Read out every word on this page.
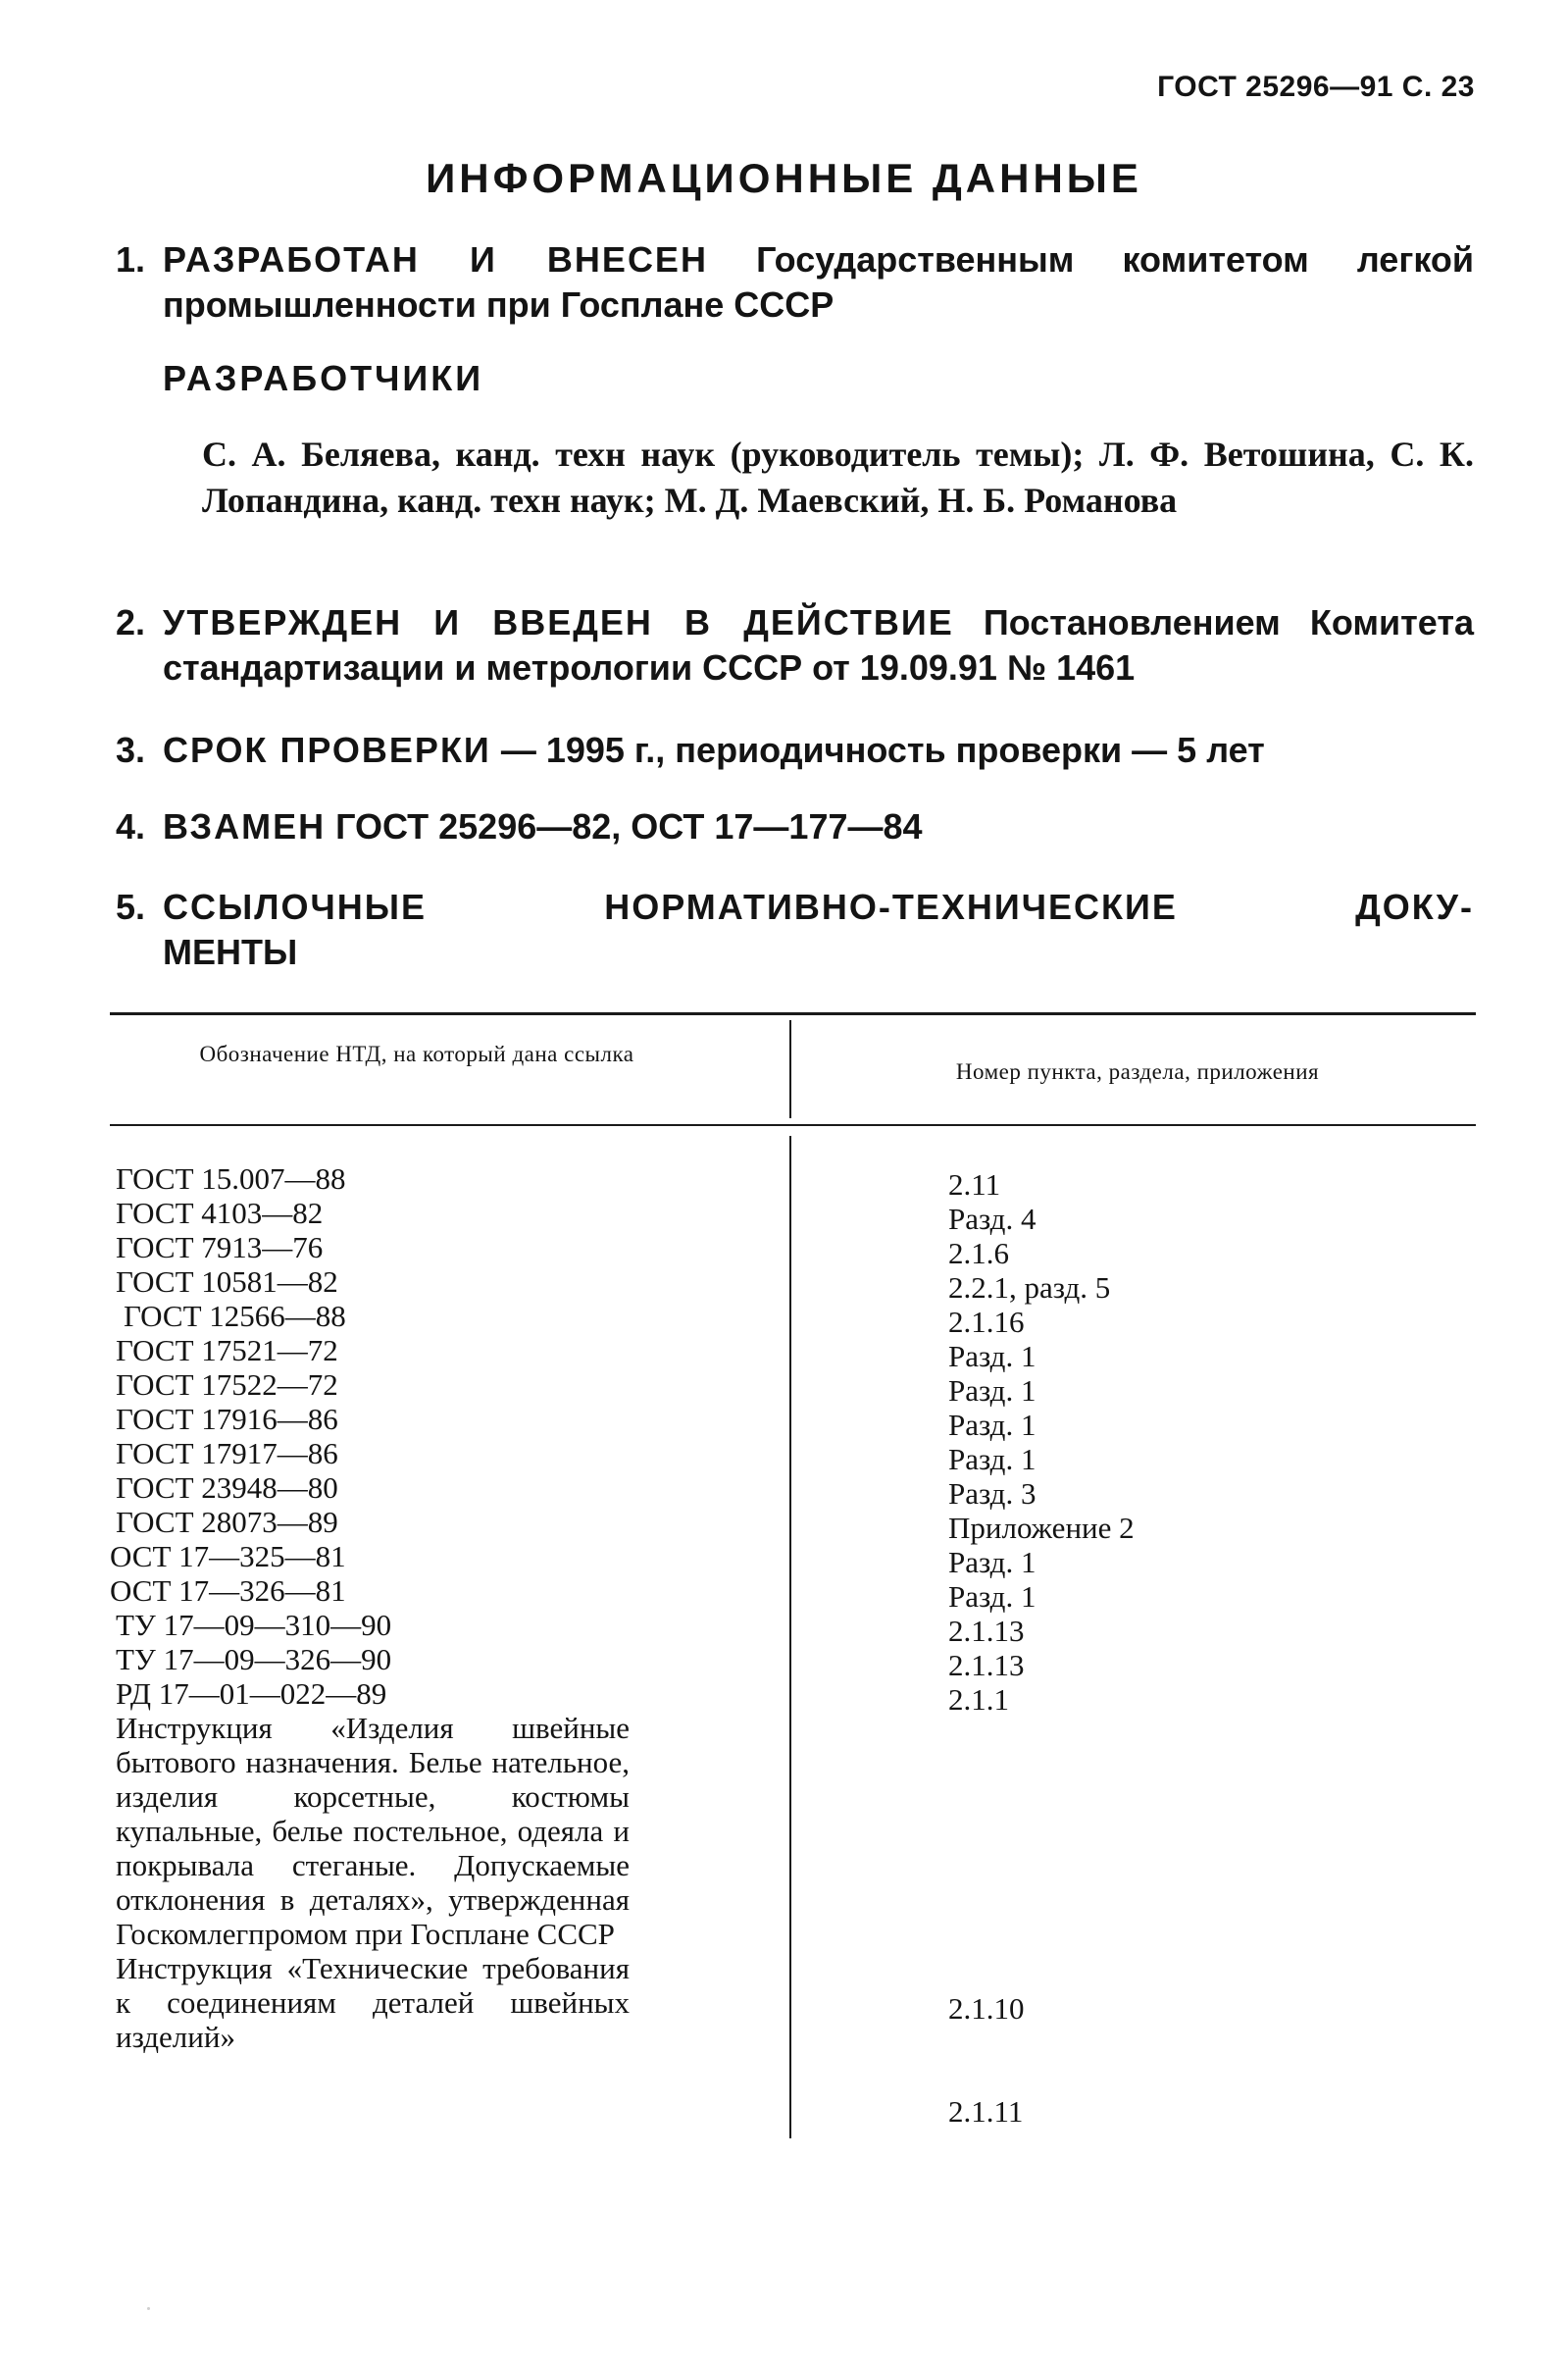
ГОСТ 25296—91 С. 23
ИНФОРМАЦИОННЫЕ ДАННЫЕ
1. РАЗРАБОТАН И ВНЕСЕН Государственным комитетом легкой промышленности при Госплане СССР
РАЗРАБОТЧИКИ
С. А. Беляева, канд. техн наук (руководитель темы); Л. Ф. Ветошина, С. К. Лопандина, канд. техн наук; М. Д. Маевский, Н. Б. Романова
2. УТВЕРЖДЕН И ВВЕДЕН В ДЕЙСТВИЕ Постановлением Комитета стандартизации и метрологии СССР от 19.09.91 № 1461
3. СРОК ПРОВЕРКИ — 1995 г., периодичность проверки — 5 лет
4. ВЗАМЕН ГОСТ 25296—82, ОСТ 17—177—84
5. ССЫЛОЧНЫЕ НОРМАТИВНО-ТЕХНИЧЕСКИЕ ДОКУ-
МЕНТЫ
Обозначение НТД, на который дана ссылка
Номер пункта, раздела, приложения
ГОСТ 15.007—88
ГОСТ 4103—82
ГОСТ 7913—76
ГОСТ 10581—82
ГОСТ 12566—88
ГОСТ 17521—72
ГОСТ 17522—72
ГОСТ 17916—86
ГОСТ 17917—86
ГОСТ 23948—80
ГОСТ 28073—89
ОСТ 17—325—81
ОСТ 17—326—81
ТУ 17—09—310—90
ТУ 17—09—326—90
РД 17—01—022—89
Инструкция «Изделия швейные бытового назначения. Белье нательное, изделия корсетные, костюмы купальные, белье постельное, одеяла и покрывала стеганые. Допускаемые отклонения в деталях», утвержденная Госкомлегпромом при Госплане СССР
Инструкция «Технические требования к соединениям деталей швейных изделий»
2.11
Разд. 4
2.1.6
2.2.1, разд. 5
2.1.16
Разд. 1
Разд. 1
Разд. 1
Разд. 1
Разд. 3
Приложение 2
Разд. 1
Разд. 1
2.1.13
2.1.13
2.1.1
2.1.10
2.1.11
